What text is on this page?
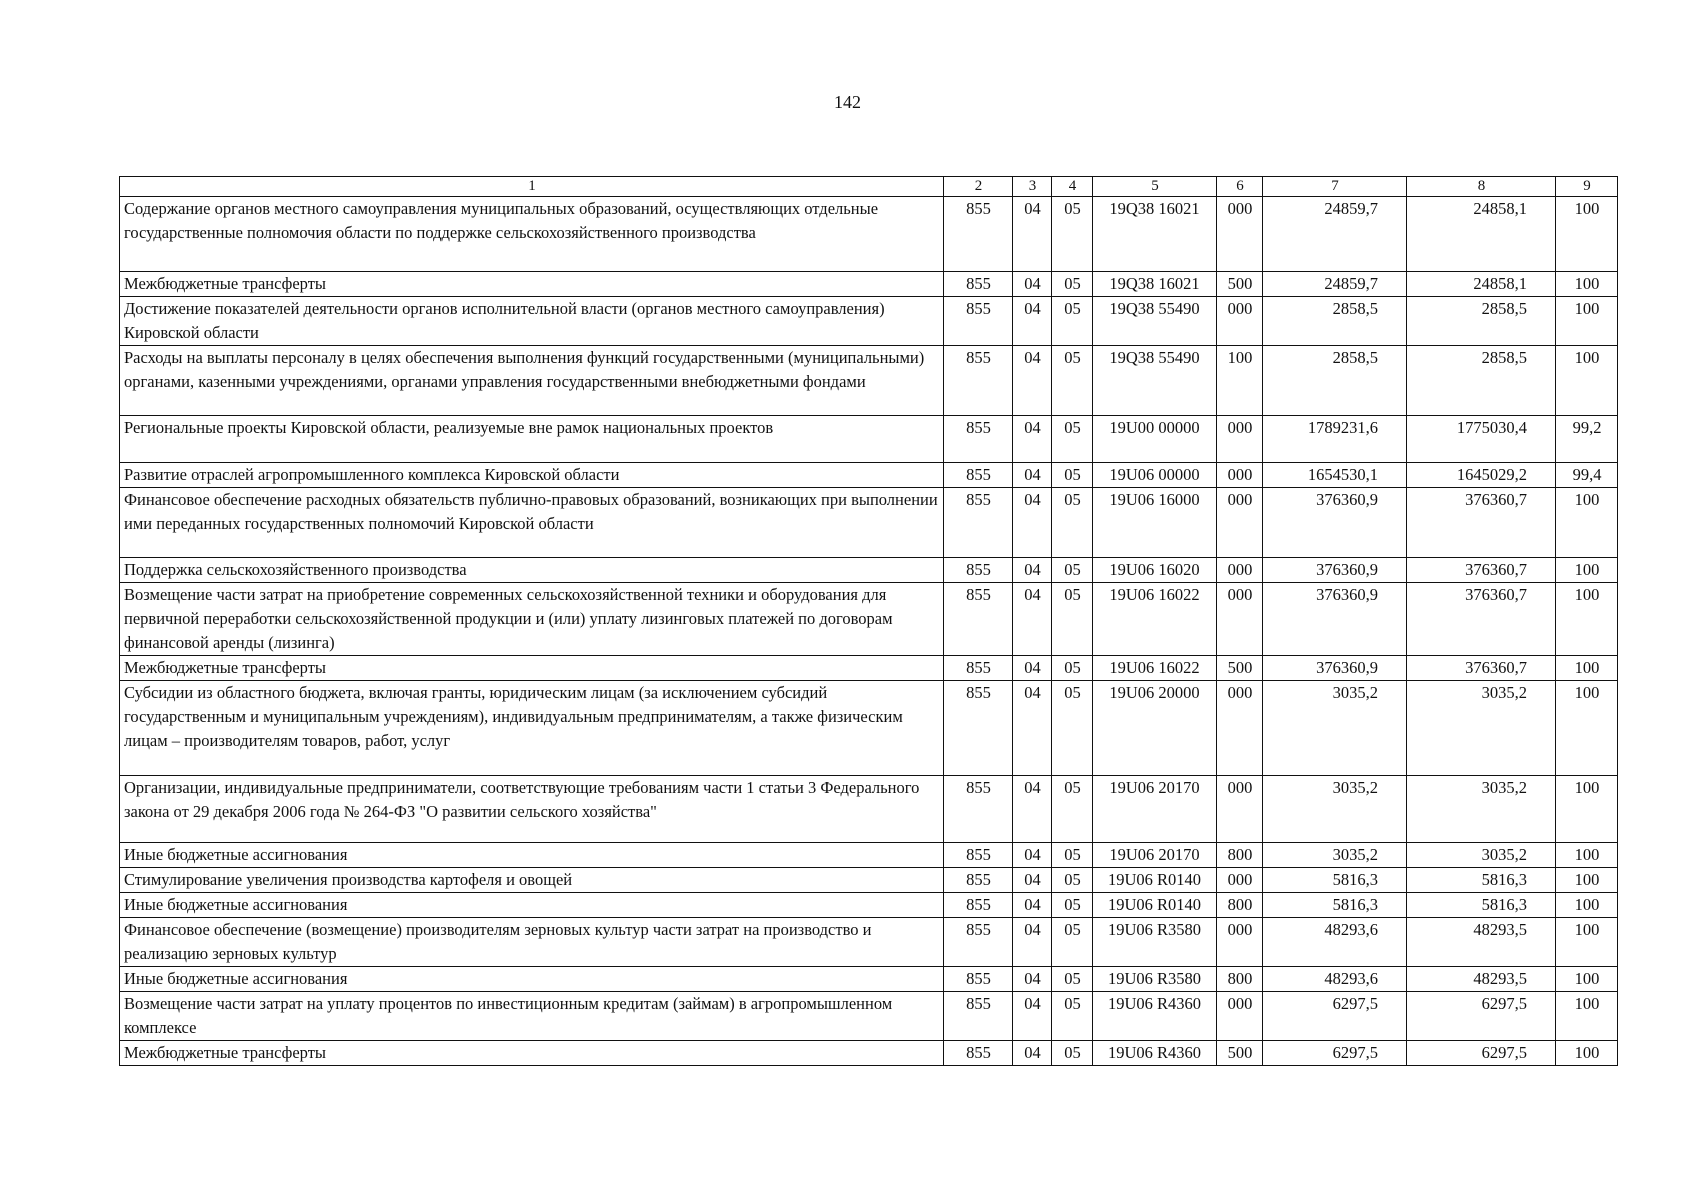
142
1	2	3	4	5	6	7	8	9
Содержание органов местного самоуправления муниципальных образований, осуществляющих отдельные государственные полномочия области по поддержке сельскохозяйственного производства	855	04	05	19Q38 16021	000	24859,7	24858,1	100
Межбюджетные трансферты	855	04	05	19Q38 16021	500	24859,7	24858,1	100
Достижение показателей деятельности органов исполнительной власти (органов местного самоуправления) Кировской области	855	04	05	19Q38 55490	000	2858,5	2858,5	100
Расходы на выплаты персоналу в целях обеспечения выполнения функций государственными (муниципальными) органами, казенными учреждениями, органами управления государственными внебюджетными фондами	855	04	05	19Q38 55490	100	2858,5	2858,5	100
Региональные проекты Кировской области, реализуемые вне рамок национальных проектов	855	04	05	19U00 00000	000	1789231,6	1775030,4	99,2
Развитие отраслей агропромышленного комплекса Кировской области	855	04	05	19U06 00000	000	1654530,1	1645029,2	99,4
Финансовое обеспечение расходных обязательств публично-правовых образований, возникающих при выполнении ими переданных государственных полномочий Кировской области	855	04	05	19U06 16000	000	376360,9	376360,7	100
Поддержка сельскохозяйственного производства	855	04	05	19U06 16020	000	376360,9	376360,7	100
Возмещение части затрат на приобретение современных сельскохозяйственной техники и оборудования для первичной переработки сельскохозяйственной продукции и (или) уплату лизинговых платежей по договорам финансовой аренды (лизинга)	855	04	05	19U06 16022	000	376360,9	376360,7	100
Межбюджетные трансферты	855	04	05	19U06 16022	500	376360,9	376360,7	100
Субсидии из областного бюджета, включая гранты, юридическим лицам (за исключением субсидий государственным и муниципальным учреждениям), индивидуальным предпринимателям, а также физическим лицам – производителям товаров, работ, услуг	855	04	05	19U06 20000	000	3035,2	3035,2	100
Организации, индивидуальные предприниматели, соответствующие требованиям части 1 статьи 3 Федерального закона от 29 декабря 2006 года № 264-ФЗ "О развитии сельского хозяйства"	855	04	05	19U06 20170	000	3035,2	3035,2	100
Иные бюджетные ассигнования	855	04	05	19U06 20170	800	3035,2	3035,2	100
Стимулирование увеличения производства картофеля и овощей	855	04	05	19U06 R0140	000	5816,3	5816,3	100
Иные бюджетные ассигнования	855	04	05	19U06 R0140	800	5816,3	5816,3	100
Финансовое обеспечение (возмещение) производителям зерновых культур части затрат на производство и реализацию зерновых культур	855	04	05	19U06 R3580	000	48293,6	48293,5	100
Иные бюджетные ассигнования	855	04	05	19U06 R3580	800	48293,6	48293,5	100
Возмещение части затрат на уплату процентов по инвестиционным кредитам (займам) в агропромышленном комплексе	855	04	05	19U06 R4360	000	6297,5	6297,5	100
Межбюджетные трансферты	855	04	05	19U06 R4360	500	6297,5	6297,5	100
